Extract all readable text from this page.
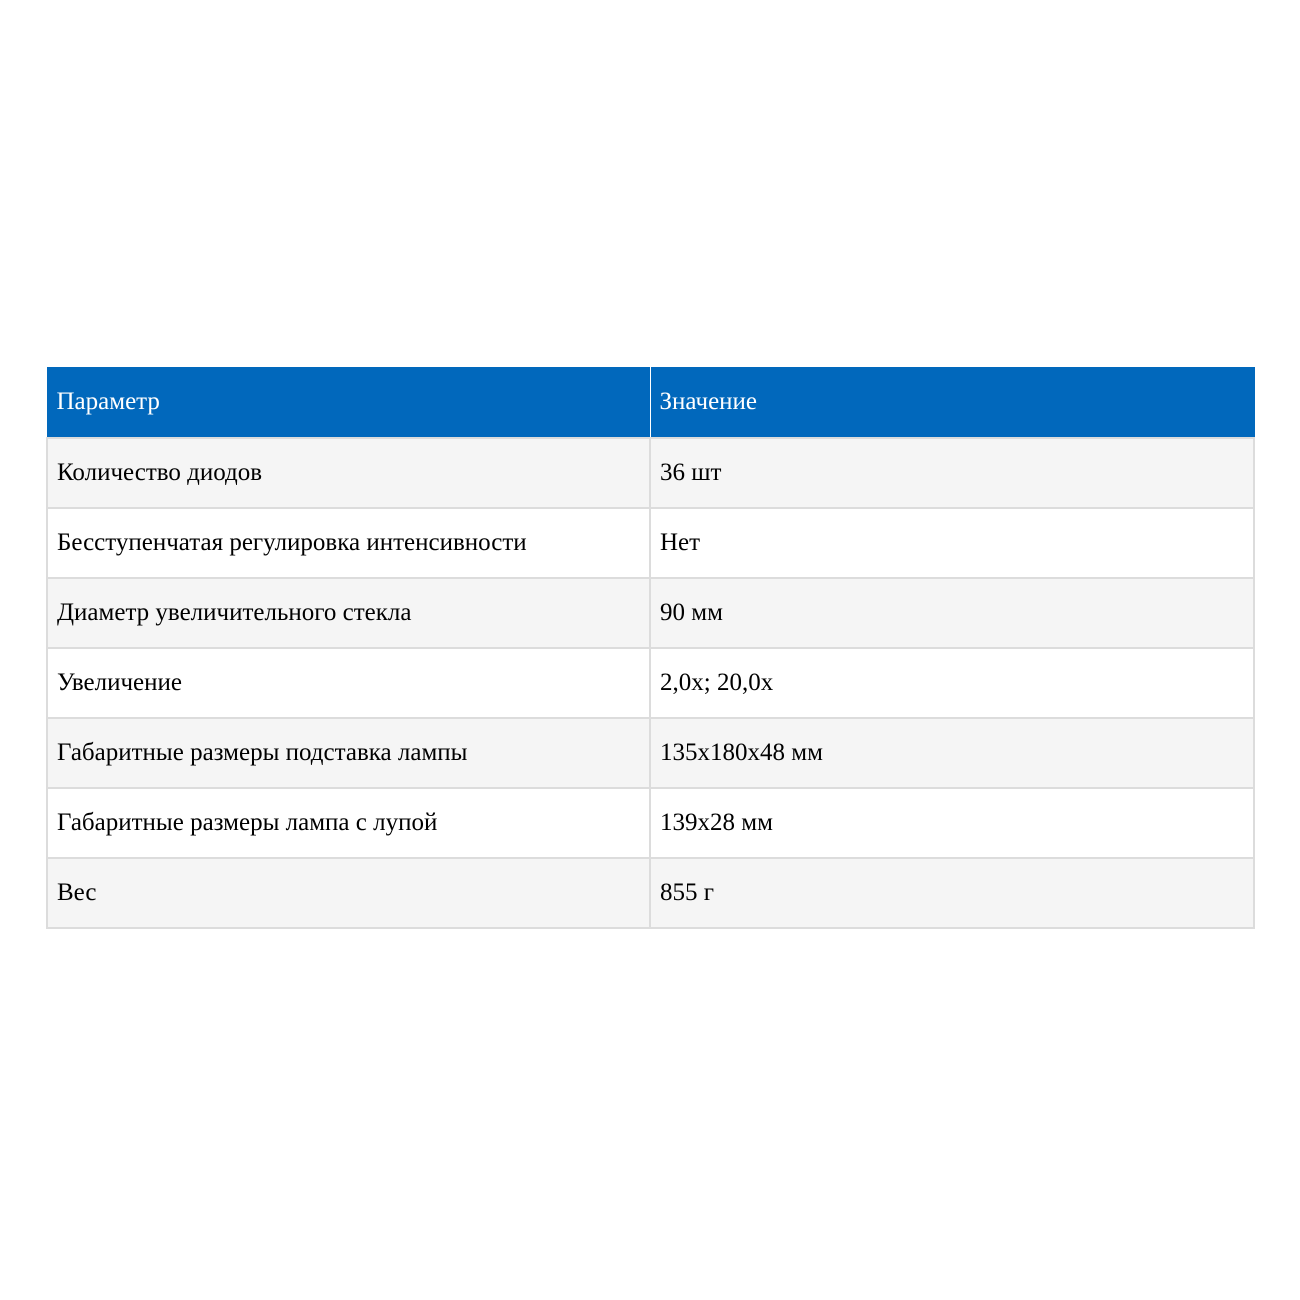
Параметр	Значение
Количество диодов	36 шт
Бесступенчатая регулировка интенсивности	Нет
Диаметр увеличительного стекла	90 мм
Увеличение	2,0х; 20,0х
Габаритные размеры подставка лампы	135х180х48 мм
Габаритные размеры лампа с лупой	139х28 мм
Вес	855 г
